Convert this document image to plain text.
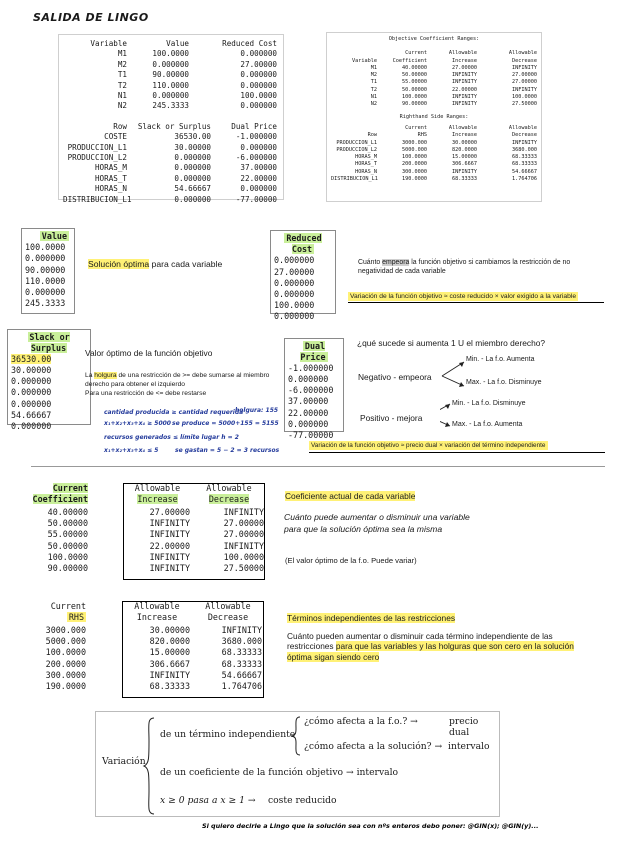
SALIDA DE LINGO
Variable	Value	Reduced Cost
M1	100.0000	0.000000
M2	0.000000	27.00000
T1	90.00000	0.000000
T2	110.0000	0.000000
N1	0.000000	100.0000
N2	245.3333	0.000000
Row	Slack or Surplus	Dual Price
COSTE	36530.00	-1.000000
PRODUCCION_L1	30.00000	0.000000
PRODUCCION_L2	0.000000	-6.000000
HORAS_M	0.000000	37.00000
HORAS_T	0.000000	22.00000
HORAS_N	54.66667	0.000000
DISTRIBUCION_L1	0.000000	-77.00000
Objective Coefficient Ranges:
Current	Allowable	Allowable
Variable	Coefficient	Increase	Decrease
M1	40.00000	27.00000	INFINITY
M2	50.00000	INFINITY	27.00000
T1	55.00000	INFINITY	27.00000
T2	50.00000	22.00000	INFINITY
N1	100.0000	INFINITY	100.0000
N2	90.00000	INFINITY	27.50000
Righthand Side Ranges:
Current	Allowable	Allowable
Row	RHS	Increase	Decrease
PRODUCCION_L1	3000.000	30.00000	INFINITY
PRODUCCION_L2	5000.000	820.0000	3680.000
HORAS_M	100.0000	15.00000	68.33333
HORAS_T	200.0000	306.6667	68.33333
HORAS_N	300.0000	INFINITY	54.66667
DISTRIBUCION_L1	190.0000	68.33333	1.764706
Value
100.0000
0.000000
90.00000
110.0000
0.000000
245.3333
Solución óptima para cada variable
Reduced Cost
0.000000
27.00000
0.000000
0.000000
100.0000
0.000000
Cuánto empeora la función objetivo si cambiamos la restricción de no negatividad de cada variable
Variación de la función objetivo ≈ coste reducido × valor exigido a la variable
Slack or Surplus
36530.00
30.00000
0.000000
0.000000
0.000000
54.66667
0.000000
Valor óptimo de la función objetivo
La holgura de una restricción de >= debe sumarse al miembro derecho para obtener el izquierdo
Para una restricción de <= debe restarse
cantidad producida ≥ cantidad requerida
holgura: 155
x₁+x₂+x₃+x₄ ≥ 5000 se produce = 5000+155 = 5155
recursos generados ≤ límite lugar h = 2
x₁+x₂+x₃+x₄ ≤ 5	se gastan = 5 − 2 = 3 recursos
Dual Price
-1.000000
0.000000
-6.000000
37.00000
22.00000
0.000000
-77.00000
¿qué sucede si aumenta 1 U el miembro derecho?
Negativo - empeora
Min. - La f.o. Aumenta
Max. - La f.o. Disminuye
Positivo - mejora
Min. - La f.o. Disminuye
Max. - La f.o. Aumenta
Variación de la función objetivo ≈ precio dual × variación del término independiente
Current
Coefficient
Allowable
Increase
Allowable
Decrease
40.00000	27.00000	INFINITY
50.00000	INFINITY	27.00000
55.00000	INFINITY	27.00000
50.00000	22.00000	INFINITY
100.0000	INFINITY	100.0000
90.00000	INFINITY	27.50000
Coeficiente actual de cada variable
Cuánto puede aumentar o disminuir una variable para que la solución óptima sea la misma
(El valor óptimo de la f.o. Puede variar)
Current
RHS
Allowable
Increase
Allowable
Decrease
3000.000	30.00000	INFINITY
5000.000	820.0000	3680.000
100.0000	15.00000	68.33333
200.0000	306.6667	68.33333
300.0000	INFINITY	54.66667
190.0000	68.33333	1.764706
Términos independientes de las restricciones
Cuánto pueden aumentar o disminuir cada término independiente de las restricciones para que las variables y las holguras que son cero en la solución óptima sigan siendo cero
Variación
de un término independiente
¿cómo afecta a la f.o.? →	precio dual
¿cómo afecta a la solución? → intervalo
de un coeficiente de la función objetivo → intervalo
x ≥ 0 pasa a x ≥ 1 → coste reducido
Si quiero decirle a Lingo que la solución sea con nºs enteros debo poner: @GIN(x); @GIN(y)...
